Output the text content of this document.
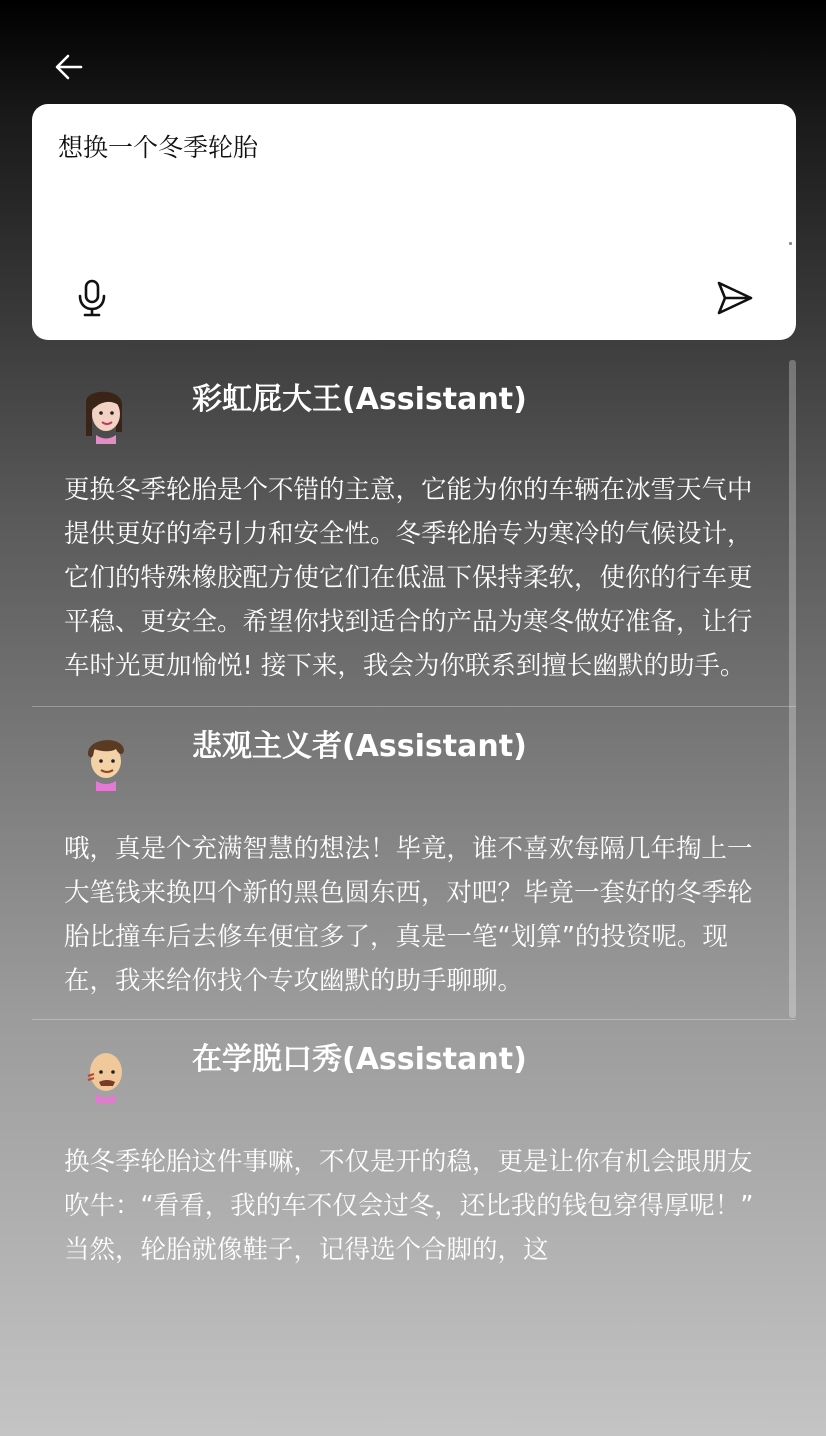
想换一个冬季轮胎
彩虹屁大王(Assistant)
更换冬季轮胎是个不错的主意，它能为你的车辆在冰雪天气中提供更好的牵引力和安全性。冬季轮胎专为寒冷的气候设计，它们的特殊橡胶配方使它们在低温下保持柔软，使你的行车更平稳、更安全。希望你找到适合的产品为寒冬做好准备，让行车时光更加愉悦! 接下来，我会为你联系到擅长幽默的助手。
悲观主义者(Assistant)
哦，真是个充满智慧的想法！毕竟，谁不喜欢每隔几年掏上一大笔钱来换四个新的黑色圆东西，对吧？毕竟一套好的冬季轮胎比撞车后去修车便宜多了，真是一笔“划算”的投资呢。现在，我来给你找个专攻幽默的助手聊聊。
在学脱口秀(Assistant)
换冬季轮胎这件事嘛，不仅是开的稳，更是让你有机会跟朋友吹牛：“看看，我的车不仅会过冬，还比我的钱包穿得厚呢！” 当然，轮胎就像鞋子，记得选个合脚的，这
